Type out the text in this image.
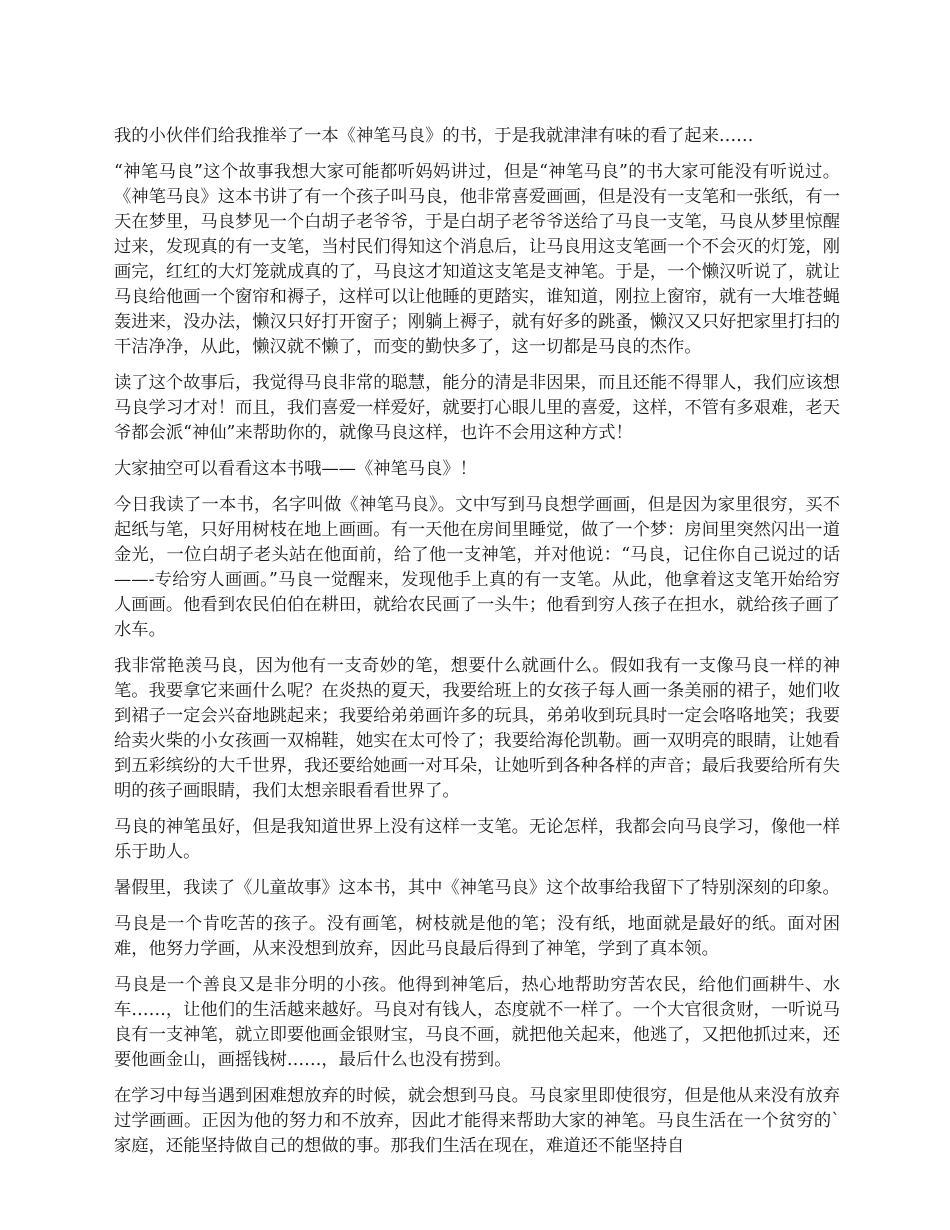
我的小伙伴们给我推举了一本《神笔马良》的书，于是我就津津有味的看了起来……

“神笔马良”这个故事我想大家可能都听妈妈讲过，但是“神笔马良”的书大家可能没有听说过。《神笔马良》这本书讲了有一个孩子叫马良，他非常喜爱画画，但是没有一支笔和一张纸，有一天在梦里，马良梦见一个白胡子老爷爷，于是白胡子老爷爷送给了马良一支笔，马良从梦里惊醒过来，发现真的有一支笔，当村民们得知这个消息后，让马良用这支笔画一个不会灭的灯笼，刚画完，红红的大灯笼就成真的了，马良这才知道这支笔是支神笔。于是，一个懒汉听说了，就让马良给他画一个窗帘和褥子，这样可以让他睡的更踏实，谁知道，刚拉上窗帘，就有一大堆苍蝇轰进来，没办法，懒汉只好打开窗子；刚躺上褥子，就有好多的跳蚤，懒汉又只好把家里打扫的干洁净净，从此，懒汉就不懒了，而变的勤快多了，这一切都是马良的杰作。

读了这个故事后，我觉得马良非常的聪慧，能分的清是非因果，而且还能不得罪人，我们应该想马良学习才对！而且，我们喜爱一样爱好，就要打心眼儿里的喜爱，这样，不管有多艰难，老天爷都会派“神仙”来帮助你的，就像马良这样，也许不会用这种方式！

大家抽空可以看看这本书哦——《神笔马良》！

今日我读了一本书，名字叫做《神笔马良》。文中写到马良想学画画，但是因为家里很穷，买不起纸与笔，只好用树枝在地上画画。有一天他在房间里睡觉，做了一个梦：房间里突然闪出一道金光，一位白胡子老头站在他面前，给了他一支神笔，并对他说：“马良，记住你自己说过的话——-专给穷人画画。”马良一觉醒来，发现他手上真的有一支笔。从此，他拿着这支笔开始给穷人画画。他看到农民伯伯在耕田，就给农民画了一头牛；他看到穷人孩子在担水，就给孩子画了水车。

我非常艳羡马良，因为他有一支奇妙的笔，想要什么就画什么。假如我有一支像马良一样的神笔。我要拿它来画什么呢？在炎热的夏天，我要给班上的女孩子每人画一条美丽的裙子，她们收到裙子一定会兴奋地跳起来；我要给弟弟画许多的玩具，弟弟收到玩具时一定会咯咯地笑；我要给卖火柴的小女孩画一双棉鞋，她实在太可怜了；我要给海伦凯勒。画一双明亮的眼睛，让她看到五彩缤纷的大千世界，我还要给她画一对耳朵，让她听到各种各样的声音；最后我要给所有失明的孩子画眼睛，我们太想亲眼看看世界了。

马良的神笔虽好，但是我知道世界上没有这样一支笔。无论怎样，我都会向马良学习，像他一样乐于助人。

暑假里，我读了《儿童故事》这本书，其中《神笔马良》这个故事给我留下了特别深刻的印象。

马良是一个肯吃苦的孩子。没有画笔，树枝就是他的笔；没有纸，地面就是最好的纸。面对困难，他努力学画，从来没想到放弃，因此马良最后得到了神笔，学到了真本领。

马良是一个善良又是非分明的小孩。他得到神笔后，热心地帮助穷苦农民，给他们画耕牛、水车……，让他们的生活越来越好。马良对有钱人，态度就不一样了。一个大官很贪财，一听说马良有一支神笔，就立即要他画金银财宝，马良不画，就把他关起来，他逃了，又把他抓过来，还要他画金山，画摇钱树……，最后什么也没有捞到。

在学习中每当遇到困难想放弃的时候，就会想到马良。马良家里即使很穷，但是他从来没有放弃过学画画。正因为他的努力和不放弃，因此才能得来帮助大家的神笔。马良生活在一个贫穷的`家庭，还能坚持做自己的想做的事。那我们生活在现在，难道还不能坚持自
